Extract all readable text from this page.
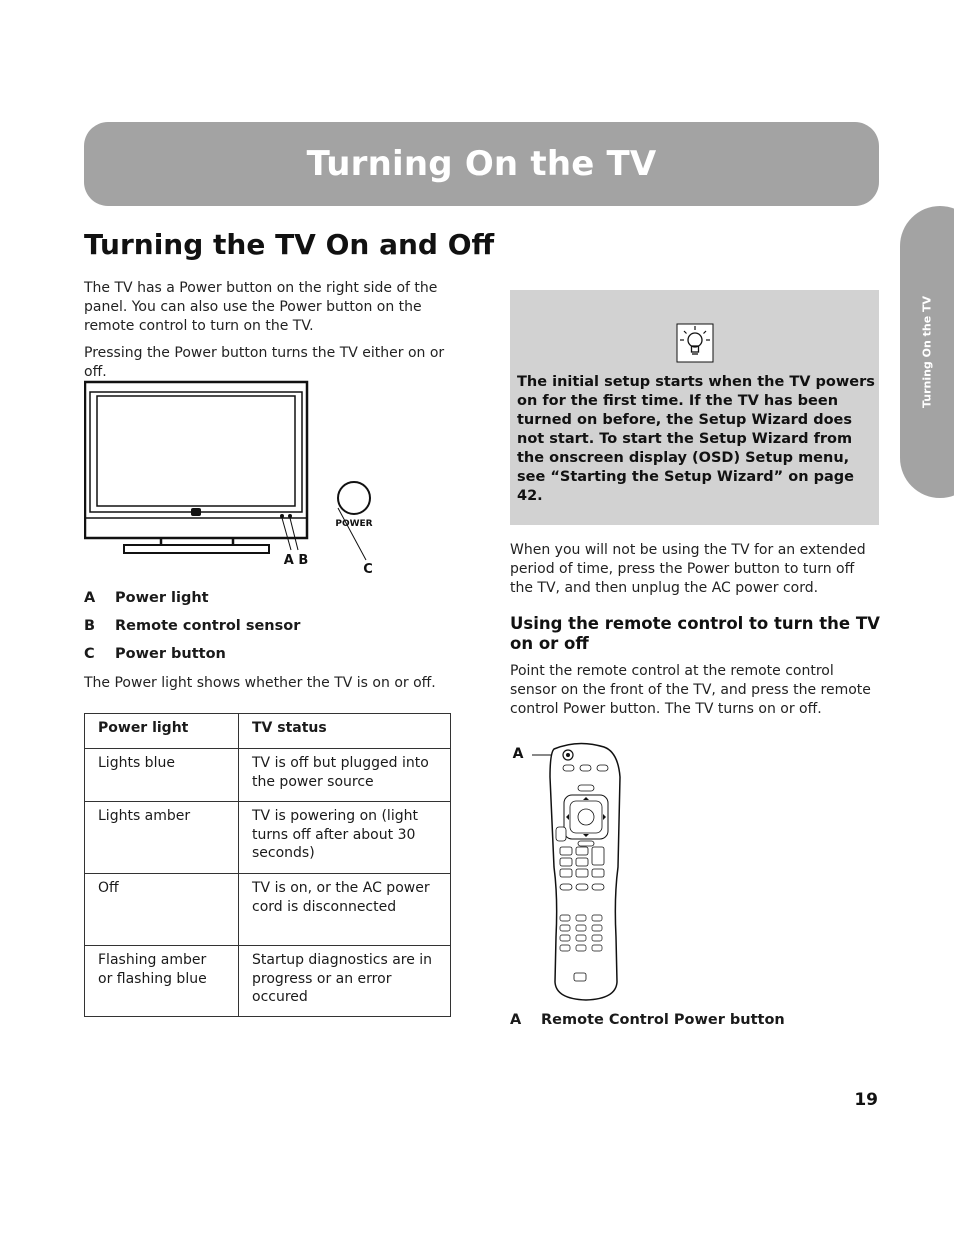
Turning On the TV
Turning On the TV
Turning the TV On and Off

The TV has a Power button on the right side of the panel. You can also use the Power button on the remote control to turn on the TV.

Pressing the Power button turns the TV either on or off.

POWER
A B
C
A Power light
B Remote control sensor
C Power button

The Power light shows whether the TV is on or off.

Power light	TV status
Lights blue	TV is off but plugged into the power source
Lights amber	TV is powering on (light turns off after about 30 seconds)
Off	TV is on, or the AC power cord is disconnected
Flashing amber or flashing blue	Startup diagnostics are in progress or an error occured

The initial setup starts when the TV powers on for the first time. If the TV has been turned on before, the Setup Wizard does not start. To start the Setup Wizard from the onscreen display (OSD) Setup menu, see “Starting the Setup Wizard” on page 42.

When you will not be using the TV for an extended period of time, press the Power button to turn off the TV, and then unplug the AC power cord.

Using the remote control to turn the TV on or off

Point the remote control at the remote control sensor on the front of the TV, and press the remote control Power button. The TV turns on or off.

A
A Remote Control Power button
19
